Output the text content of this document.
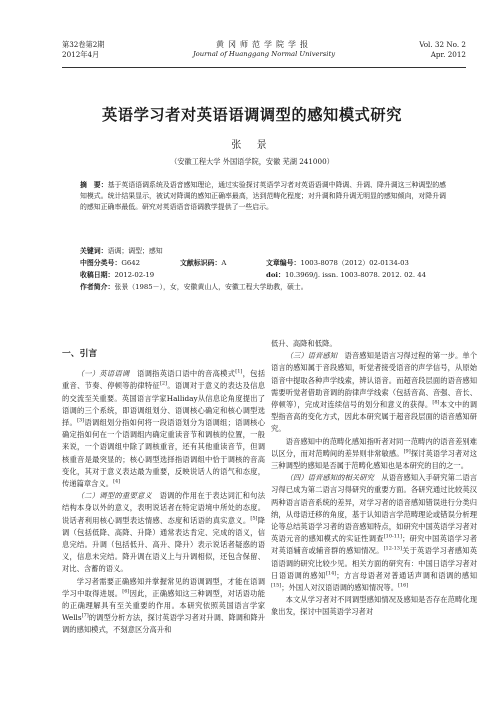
第32卷第2期
2012年4月
黄冈师范学院学报
Journal of Huanggang Normal University
Vol. 32 No. 2
Apr. 2012
英语学习者对英语语调调型的感知模式研究
张 景
（安徽工程大学 外国语学院，安徽 芜湖 241000）
摘　要：基于英语语调系统及语音感知理论，通过实验探讨英语学习者对英语语调中降调、升调、降升调这三种调型的感知模式。统计结果显示，被试对降调的感知正确率最高，达到范畴化程度；对升调和降升调无明显的感知倾向，对降升调的感知正确率最低。研究对英语语音语调教学提供了一些启示。
关键词：语调；调型；感知
中图分类号：G642	文献标识码：A	文章编号：1003-8078（2012）02-0134-03
收稿日期：2012-02-19	doi：10.3969/j. issn. 1003-8078. 2012. 02. 44
作者简介：张景（1985－），女，安徽黄山人，安徽工程大学助教，硕士。
一、引言

（一）英语语调　语调指英语口语中的音高模式[1]，包括重音、节奏、停顿等韵律特征[2]。语调对于意义的表达及信息的交流至关重要。英国语言学家Halliday从信息论角度提出了语调的三个系统，即语调组划分、语调核心确定和核心调型选择。[3]语调组划分指如何将一段语语划分为语调组；语调核心确定指如何在一个语调组内确定重读音节和调核的位置，一般来说，一个语调组中除了调核重音，还有其他重读音节，但调核重音是最突显的；核心调型选择指语调组中恰于调核的音高变化，其对于意义表达最为重要，反映说话人的语气和态度，传递篇章含义。[4]

（二）调型的重要意义　语调的作用在于表达词汇和句法结构本身以外的意义，表明说话者在特定语境中所处的态度。说话者利用核心调型表达情感、态度和话语的真实意义。[5]降调（包括低降、高降、升降）通常表达肯定、完成的语义，信息完结。升调（包括低升、高升、降升）表示说话者疑惑的语义，信息未完结。降升调在语义上与升调相似，还包含保留、对比、含蓄的语义。

学习者需要正确感知并掌握常见的语调调型，才能在语调学习中取得进展。[6]因此，正确感知这三种调型，对话语功能的正确理解具有至关重要的作用。本研究依照英国语言学家Wells[7]的调型分析方法，探讨英语学习者对升调、降调和降升调的感知模式，不刻意区分高升和

低升、高降和低降。

（三）语音感知　语音感知是语言习得过程的第一步。单个语言的感知属于音段感知，听觉者接受语音的声学信号，从原始语音中提取各种声学线索，辨认语音。而超音段层面的语音感知需要听觉者借助音调的韵律声学线索（包括音高、音强、音长、停顿等），完成对连续信号的划分和意义的获得。[8]本文中的调型指音高的变化方式，因此本研究属于超音段层面的语音感知研究。

语音感知中的范畴化感知指听者对同一范畴内的语音差别难以区分，而对范畴间的差异则非常敏感。[9]探讨英语学习者对这三种调型的感知是否属于范畴化感知也是本研究的目的之一。

（四）语音感知的相关研究　从语音感知入手研究第二语言习得已成为第二语言习得研究的重要方面。各研究通过比较英汉两种语言语音系统的差异，对学习者的语音感知错误进行分类归纳，从母语迁移的角度，基于认知语言学范畴理论或错误分析理论等总结英语学习者的语音感知特点，如研究中国英语学习者对英语元音的感知模式的实证性调查[10-11]；研究中国英语学习者对英语辅音或辅音群的感知情况。[12-13]关于英语学习者感知英语语调的研究比较少见。相关方面的研究有：中国日语学习者对日语语调的感知[14]；方言母语者对普通话声调和语调的感知[15]；外国人对汉语语调的感知情况等。[16]

本文从学习者对不同调型感知情况及感知是否存在范畴化现象出发，探讨中国英语学习者对
